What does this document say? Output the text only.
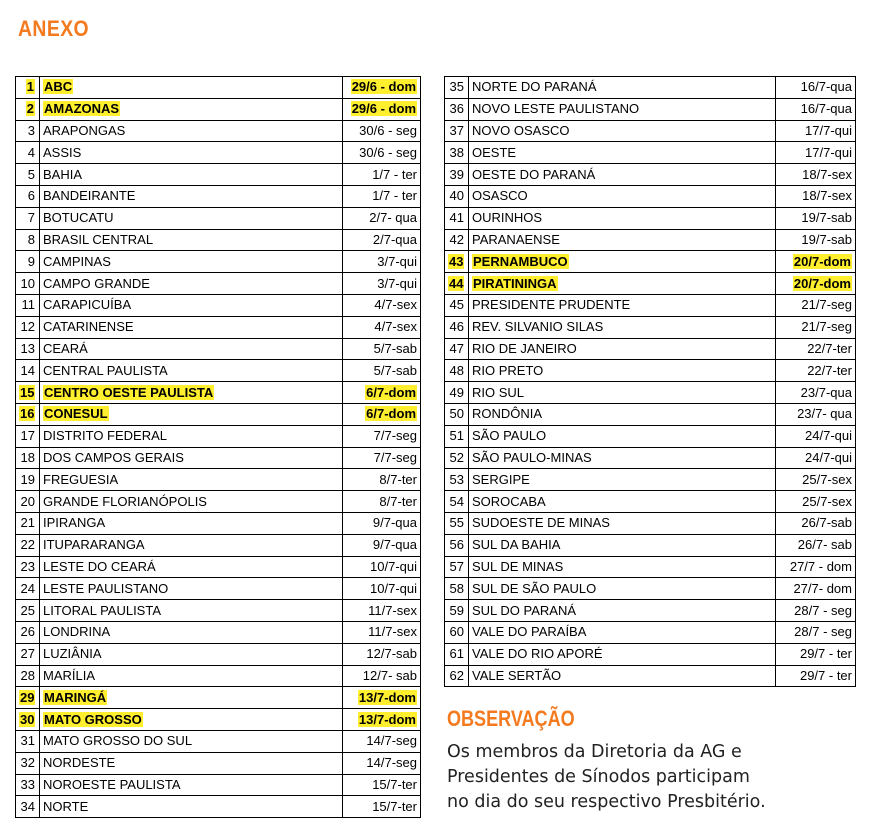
ANEXO
1	ABC	29/6 - dom
2	AMAZONAS	29/6 - dom
3	ARAPONGAS	30/6 - seg
4	ASSIS	30/6 - seg
5	BAHIA	1/7 - ter
6	BANDEIRANTE	1/7 - ter
7	BOTUCATU	2/7- qua
8	BRASIL CENTRAL	2/7-qua
9	CAMPINAS	3/7-qui
10	CAMPO GRANDE	3/7-qui
11	CARAPICUÍBA	4/7-sex
12	CATARINENSE	4/7-sex
13	CEARÁ	5/7-sab
14	CENTRAL PAULISTA	5/7-sab
15	CENTRO OESTE PAULISTA	6/7-dom
16	CONESUL	6/7-dom
17	DISTRITO FEDERAL	7/7-seg
18	DOS CAMPOS GERAIS	7/7-seg
19	FREGUESIA	8/7-ter
20	GRANDE FLORIANÓPOLIS	8/7-ter
21	IPIRANGA	9/7-qua
22	ITUPARARANGA	9/7-qua
23	LESTE DO CEARÁ	10/7-qui
24	LESTE PAULISTANO	10/7-qui
25	LITORAL PAULISTA	11/7-sex
26	LONDRINA	11/7-sex
27	LUZIÂNIA	12/7-sab
28	MARÍLIA	12/7- sab
29	MARINGÁ	13/7-dom
30	MATO GROSSO	13/7-dom
31	MATO GROSSO DO SUL	14/7-seg
32	NORDESTE	14/7-seg
33	NOROESTE PAULISTA	15/7-ter
34	NORTE	15/7-ter
35	NORTE DO PARANÁ	16/7-qua
36	NOVO LESTE PAULISTANO	16/7-qua
37	NOVO OSASCO	17/7-qui
38	OESTE	17/7-qui
39	OESTE DO PARANÁ	18/7-sex
40	OSASCO	18/7-sex
41	OURINHOS	19/7-sab
42	PARANAENSE	19/7-sab
43	PERNAMBUCO	20/7-dom
44	PIRATININGA	20/7-dom
45	PRESIDENTE PRUDENTE	21/7-seg
46	REV. SILVANIO SILAS	21/7-seg
47	RIO DE JANEIRO	22/7-ter
48	RIO PRETO	22/7-ter
49	RIO SUL	23/7-qua
50	RONDÔNIA	23/7- qua
51	SÃO PAULO	24/7-qui
52	SÃO PAULO-MINAS	24/7-qui
53	SERGIPE	25/7-sex
54	SOROCABA	25/7-sex
55	SUDOESTE DE MINAS	26/7-sab
56	SUL DA BAHIA	26/7- sab
57	SUL DE MINAS	27/7 - dom
58	SUL DE SÃO PAULO	27/7- dom
59	SUL DO PARANÁ	28/7 - seg
60	VALE DO PARAÍBA	28/7 - seg
61	VALE DO RIO APORÉ	29/7 - ter
62	VALE SERTÃO	29/7 - ter
OBSERVAÇÃO
Os membros da Diretoria da AG e
Presidentes de Sínodos participam
no dia do seu respectivo Presbitério.
